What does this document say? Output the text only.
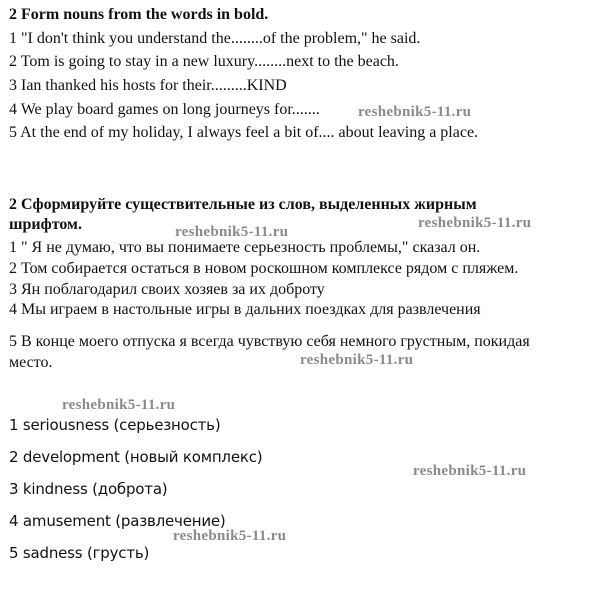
2 Form nouns from the words in bold.
1 "I don't think you understand the........of the problem," he said.
2 Tom is going to stay in a new luxury........next to the beach.
3 Ian thanked his hosts for their.........KIND
4 We play board games on long journeys for.......
5 At the end of my holiday, I always feel a bit of.... about leaving a place.
2 Сформируйте существительные из слов, выделенных жирным
шрифтом.
1 " Я не думаю, что вы понимаете серьезность проблемы," сказал он.
2 Том собирается остаться в новом роскошном комплексе рядом с пляжем.
3 Ян поблагодарил своих хозяев за их доброту
4 Мы играем в настольные игры в дальних поездках для развлечения
5 В конце моего отпуска я всегда чувствую себя немного грустным, покидая
место.
1 seriousness (серьезность)
2 development (новый комплекс)
3 kindness (доброта)
4 amusement (развлечение)
5 sadness (грусть)
reshebnik5-11.ru
reshebnik5-11.ru
reshebnik5-11.ru
reshebnik5-11.ru
reshebnik5-11.ru
reshebnik5-11.ru
reshebnik5-11.ru
